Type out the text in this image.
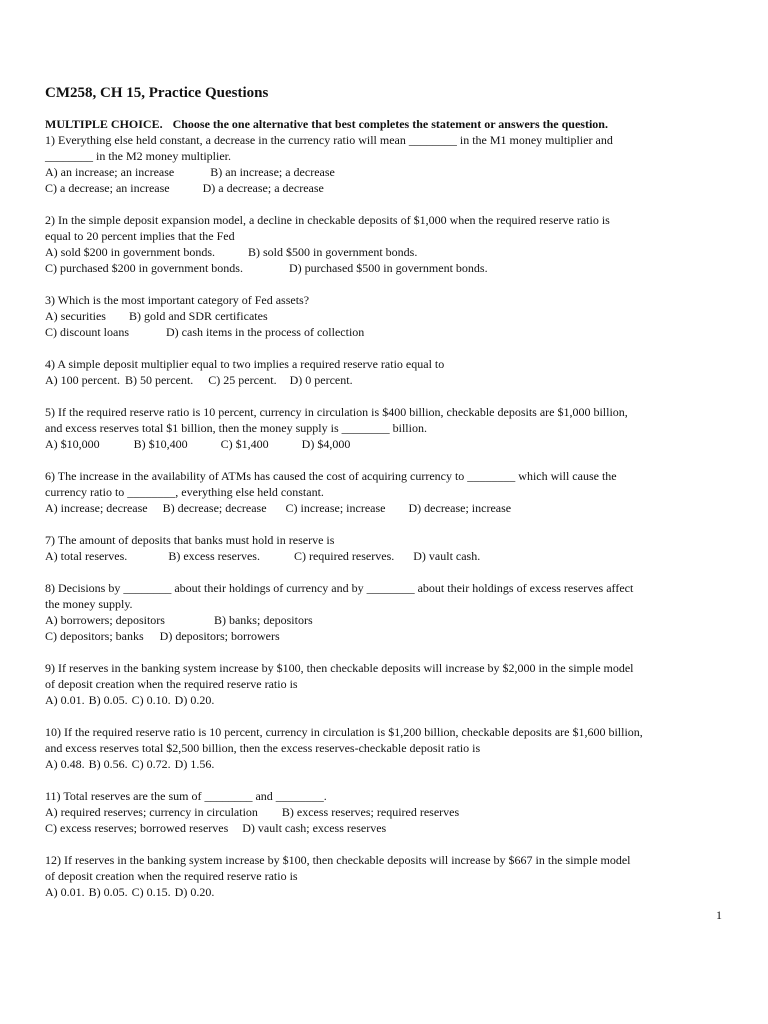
CM258, CH 15, Practice Questions
MULTIPLE CHOICE. Choose the one alternative that best completes the statement or answers the question.
1) Everything else held constant, a decrease in the currency ratio will mean ________ in the M1 money multiplier and
________ in the M2 money multiplier.
A) an increase; an increase	B) an increase; a decrease
C) a decrease; an increase	D) a decrease; a decrease
2) In the simple deposit expansion model, a decline in checkable deposits of $1,000 when the required reserve ratio is
equal to 20 percent implies that the Fed
A) sold $200 in government bonds.	B) sold $500 in government bonds.
C) purchased $200 in government bonds.	D) purchased $500 in government bonds.
3) Which is the most important category of Fed assets?
A) securities B) gold and SDR certificates
C) discount loans	D) cash items in the process of collection
4) A simple deposit multiplier equal to two implies a required reserve ratio equal to
A) 100 percent. B) 50 percent. C) 25 percent. D) 0 percent.
5) If the required reserve ratio is 10 percent, currency in circulation is $400 billion, checkable deposits are $1,000 billion,
and excess reserves total $1 billion, then the money supply is ________ billion.
A) $10,000	B) $10,400	C) $1,400	D) $4,000
6) The increase in the availability of ATMs has caused the cost of acquiring currency to ________ which will cause the
currency ratio to ________, everything else held constant.
A) increase; decrease B) decrease; decrease C) increase; increase D) decrease; increase
7) The amount of deposits that banks must hold in reserve is
A) total reserves.	B) excess reserves.	C) required reserves. D) vault cash.
8) Decisions by ________ about their holdings of currency and by ________ about their holdings of excess reserves affect
the money supply.
A) borrowers; depositors	B) banks; depositors
C) depositors; banks D) depositors; borrowers
9) If reserves in the banking system increase by $100, then checkable deposits will increase by $2,000 in the simple model
of deposit creation when the required reserve ratio is
A) 0.01. B) 0.05. C) 0.10. D) 0.20.
10) If the required reserve ratio is 10 percent, currency in circulation is $1,200 billion, checkable deposits are $1,600 billion,
and excess reserves total $2,500 billion, then the excess reserves-checkable deposit ratio is
A) 0.48. B) 0.56. C) 0.72. D) 1.56.
11) Total reserves are the sum of ________ and ________.
A) required reserves; currency in circulation B) excess reserves; required reserves
C) excess reserves; borrowed reserves D) vault cash; excess reserves
12) If reserves in the banking system increase by $100, then checkable deposits will increase by $667 in the simple model
of deposit creation when the required reserve ratio is
A) 0.01. B) 0.05. C) 0.15. D) 0.20.
1
